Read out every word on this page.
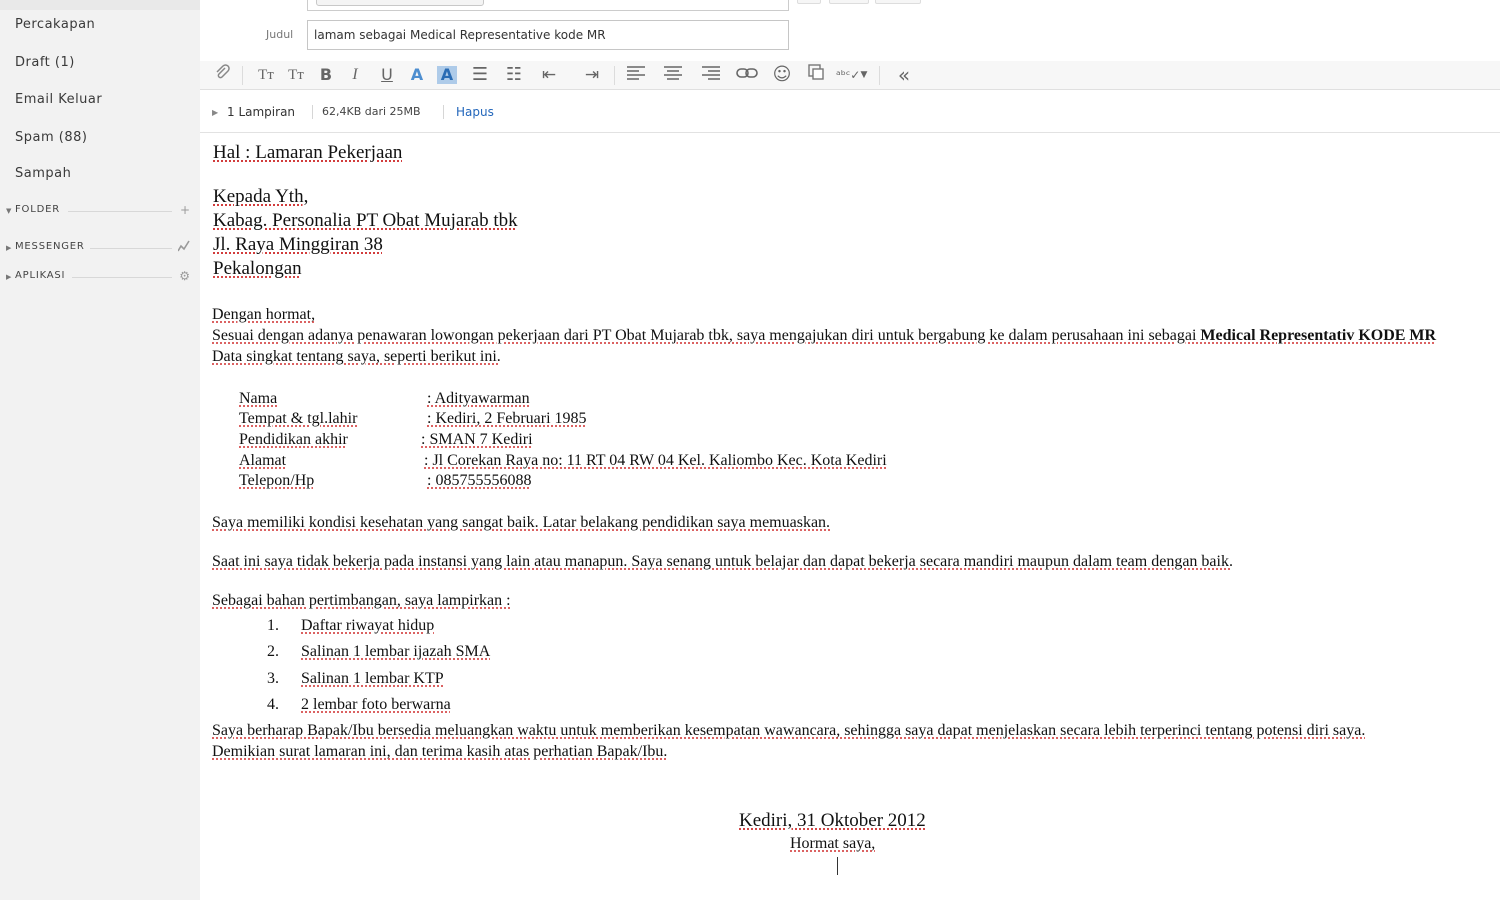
Percakapan
Draft (1)
Email Keluar
Spam (88)
Sampah
▼ FOLDER	+
▶ MESSENGER
▶ APLIKASI	⚙
Judul	lamam sebagai Medical Representative kode MR
Tт Tт	B	I	U	A	A ☰ ☷ ⇤ ⇥	☺	ᵃᵇᶜ✓ ▼ «
▶ 1 Lampiran 62,4KB dari 25MB	Hapus
Hal : Lamaran Pekerjaan
Kepada Yth,
Kabag. Personalia PT Obat Mujarab tbk
Jl. Raya Minggiran 38
Pekalongan
Dengan hormat,
Sesuai dengan adanya penawaran lowongan pekerjaan dari PT Obat Mujarab tbk, saya mengajukan diri untuk bergabung ke dalam perusahaan ini sebagai Medical Representativ KODE MR
Data singkat tentang saya, seperti berikut ini.
Nama	: Adityawarman
Tempat & tgl.lahir	: Kediri, 2 Februari 1985
Pendidikan akhir	: SMAN 7 Kediri
Alamat	: Jl Corekan Raya no: 11 RT 04 RW 04 Kel. Kaliombo Kec. Kota Kediri
Telepon/Hp	: 085755556088
Saya memiliki kondisi kesehatan yang sangat baik. Latar belakang pendidikan saya memuaskan.
Saat ini saya tidak bekerja pada instansi yang lain atau manapun. Saya senang untuk belajar dan dapat bekerja secara mandiri maupun dalam team dengan baik.
Sebagai bahan pertimbangan, saya lampirkan :
1. Daftar riwayat hidup
2. Salinan 1 lembar ijazah SMA
3. Salinan 1 lembar KTP
4. 2 lembar foto berwarna
Saya berharap Bapak/Ibu bersedia meluangkan waktu untuk memberikan kesempatan wawancara, sehingga saya dapat menjelaskan secara lebih terperinci tentang potensi diri saya.
Demikian surat lamaran ini, dan terima kasih atas perhatian Bapak/Ibu.
Kediri, 31 Oktober 2012
Hormat saya,
